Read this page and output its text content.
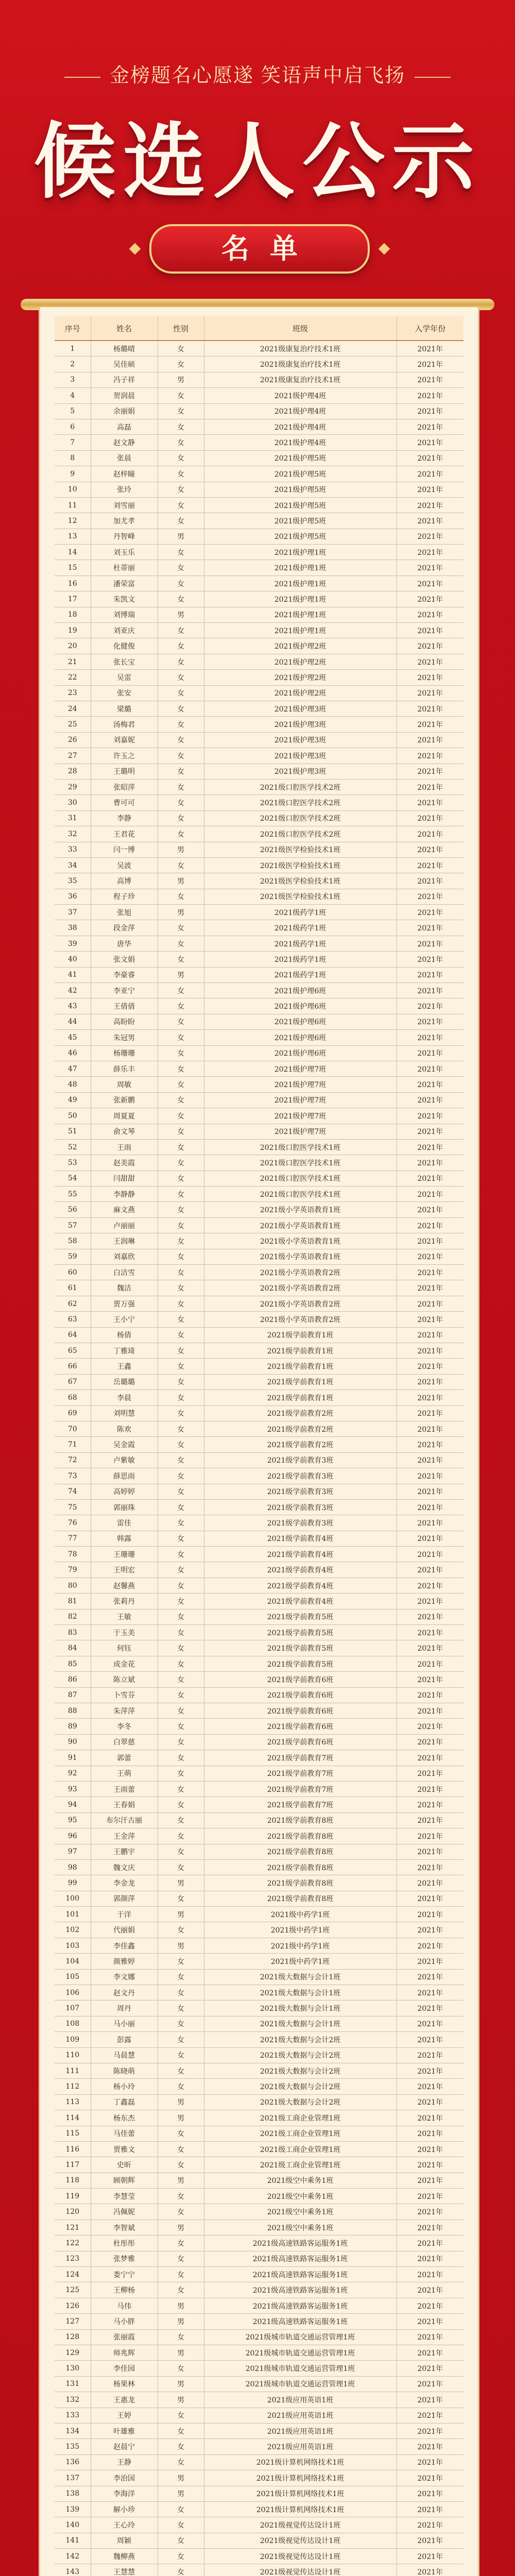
金榜题名心愿遂 笑语声中启飞扬
候选人公示
名单
序号	姓名	性别	班级	入学年份
1	杨璐晴	女	2021级康复治疗技术1班	2021年
2	吴佳硕	女	2021级康复治疗技术1班	2021年
3	冯子祥	男	2021级康复治疗技术1班	2021年
4	贺润晨	女	2021级护理4班	2021年
5	余丽娟	女	2021级护理4班	2021年
6	高磊	女	2021级护理4班	2021年
7	赵文静	女	2021级护理4班	2021年
8	张晨	女	2021级护理5班	2021年
9	赵梓瞳	女	2021级护理5班	2021年
10	张玲	女	2021级护理5班	2021年
11	刘雪丽	女	2021级护理5班	2021年
12	加尤孝	女	2021级护理5班	2021年
13	丹智峰	男	2021级护理5班	2021年
14	刘玉乐	女	2021级护理1班	2021年
15	杜蒂丽	女	2021级护理1班	2021年
16	潘荣富	女	2021级护理1班	2021年
17	朱凯文	女	2021级护理1班	2021年
18	刘博瑞	男	2021级护理1班	2021年
19	刘亚庆	女	2021级护理1班	2021年
20	化健俊	女	2021级护理2班	2021年
21	张长宝	女	2021级护理2班	2021年
22	吴雷	女	2021级护理2班	2021年
23	张安	女	2021级护理2班	2021年
24	梁璐	女	2021级护理3班	2021年
25	汤梅君	女	2021级护理3班	2021年
26	刘嘉妮	女	2021级护理3班	2021年
27	许玉之	女	2021级护理3班	2021年
28	王璐明	女	2021级护理3班	2021年
29	张昭萍	女	2021级口腔医学技术2班	2021年
30	曹可可	女	2021级口腔医学技术2班	2021年
31	李静	女	2021级口腔医学技术2班	2021年
32	王君花	女	2021级口腔医学技术2班	2021年
33	闫一博	男	2021级医学检验技术1班	2021年
34	吴波	女	2021级医学检验技术1班	2021年
35	高博	男	2021级医学检验技术1班	2021年
36	程子珍	女	2021级医学检验技术1班	2021年
37	张旭	男	2021级药学1班	2021年
38	段金萍	女	2021级药学1班	2021年
39	唐华	女	2021级药学1班	2021年
40	张文娟	女	2021级药学1班	2021年
41	李豪睿	男	2021级药学1班	2021年
42	李亚宁	女	2021级护理6班	2021年
43	王倩倩	女	2021级护理6班	2021年
44	高盼盼	女	2021级护理6班	2021年
45	朱冠男	女	2021级护理6班	2021年
46	杨珊珊	女	2021级护理6班	2021年
47	薛乐丰	女	2021级护理7班	2021年
48	周敏	女	2021级护理7班	2021年
49	张新鹏	女	2021级护理7班	2021年
50	周夏夏	女	2021级护理7班	2021年
51	俞文琴	女	2021级护理7班	2021年
52	王雨	女	2021级口腔医学技术1班	2021年
53	赵美霞	女	2021级口腔医学技术1班	2021年
54	闫甜甜	女	2021级口腔医学技术1班	2021年
55	李静静	女	2021级口腔医学技术1班	2021年
56	麻文燕	女	2021级小学英语教育1班	2021年
57	卢丽丽	女	2021级小学英语教育1班	2021年
58	王润琳	女	2021级小学英语教育1班	2021年
59	刘嘉欣	女	2021级小学英语教育1班	2021年
60	白洁雪	女	2021级小学英语教育2班	2021年
61	魏洁	女	2021级小学英语教育2班	2021年
62	贾万强	女	2021级小学英语教育2班	2021年
63	王小宁	女	2021级小学英语教育2班	2021年
64	杨倩	女	2021级学前教育1班	2021年
65	丁雅琦	女	2021级学前教育1班	2021年
66	王鑫	女	2021级学前教育1班	2021年
67	岳璐璐	女	2021级学前教育1班	2021年
68	李晨	女	2021级学前教育1班	2021年
69	刘明慧	女	2021级学前教育2班	2021年
70	陈欢	女	2021级学前教育2班	2021年
71	吴金霞	女	2021级学前教育2班	2021年
72	卢紫敏	女	2021级学前教育3班	2021年
73	薛思雨	女	2021级学前教育3班	2021年
74	高婷婷	女	2021级学前教育3班	2021年
75	郭丽珠	女	2021级学前教育3班	2021年
76	雷佳	女	2021级学前教育3班	2021年
77	韩露	女	2021级学前教育4班	2021年
78	王珊珊	女	2021级学前教育4班	2021年
79	王明宏	女	2021级学前教育4班	2021年
80	赵馨燕	女	2021级学前教育4班	2021年
81	张莉丹	女	2021级学前教育4班	2021年
82	王敏	女	2021级学前教育5班	2021年
83	于玉美	女	2021级学前教育5班	2021年
84	何钰	女	2021级学前教育5班	2021年
85	成金花	女	2021级学前教育5班	2021年
86	陈立斌	女	2021级学前教育6班	2021年
87	卜雪芬	女	2021级学前教育6班	2021年
88	朱萍萍	女	2021级学前教育6班	2021年
89	李冬	女	2021级学前教育6班	2021年
90	白翠慈	女	2021级学前教育6班	2021年
91	郭蕾	女	2021级学前教育7班	2021年
92	王萌	女	2021级学前教育7班	2021年
93	王雨蕾	女	2021级学前教育7班	2021年
94	王春娟	女	2021级学前教育7班	2021年
95	布尔汗古丽	女	2021级学前教育8班	2021年
96	王金萍	女	2021级学前教育8班	2021年
97	王鹏宇	女	2021级学前教育8班	2021年
98	魏文庆	女	2021级学前教育8班	2021年
99	李金龙	男	2021级学前教育8班	2021年
100	郭颜萍	女	2021级学前教育8班	2021年
101	于洋	男	2021级中药学1班	2021年
102	代丽娟	女	2021级中药学1班	2021年
103	李佳鑫	男	2021级中药学1班	2021年
104	颜雅婷	女	2021级中药学1班	2021年
105	李文娜	女	2021级大数据与会计1班	2021年
106	赵文丹	女	2021级大数据与会计1班	2021年
107	周丹	女	2021级大数据与会计1班	2021年
108	马小丽	女	2021级大数据与会计1班	2021年
109	彭露	女	2021级大数据与会计2班	2021年
110	马晨慧	女	2021级大数据与会计2班	2021年
111	陈晓萌	女	2021级大数据与会计2班	2021年
112	杨小玲	女	2021级大数据与会计2班	2021年
113	丁鑫磊	男	2021级大数据与会计2班	2021年
114	杨东杰	男	2021级工商企业管理1班	2021年
115	马佳蕾	女	2021级工商企业管理1班	2021年
116	贾雅文	女	2021级工商企业管理1班	2021年
117	史昕	女	2021级工商企业管理1班	2021年
118	顾朝辉	男	2021级空中乘务1班	2021年
119	李慧莹	女	2021级空中乘务1班	2021年
120	冯佩妮	女	2021级空中乘务1班	2021年
121	李智斌	男	2021级空中乘务1班	2021年
122	杜彤彤	女	2021级高速铁路客运服务1班	2021年
123	张梦雅	女	2021级高速铁路客运服务1班	2021年
124	娄宁宁	女	2021级高速铁路客运服务1班	2021年
125	王柳杨	女	2021级高速铁路客运服务1班	2021年
126	马伟	男	2021级高速铁路客运服务1班	2021年
127	马小胖	男	2021级高速铁路客运服务1班	2021年
128	张丽霞	女	2021级城市轨道交通运营管理1班	2021年
129	师兆辉	男	2021级城市轨道交通运营管理1班	2021年
130	李佳园	女	2021级城市轨道交通运营管理1班	2021年
131	杨果林	男	2021级城市轨道交通运营管理1班	2021年
132	王惠龙	男	2021级应用英语1班	2021年
133	王婷	女	2021级应用英语1班	2021年
134	叶雄雅	女	2021级应用英语1班	2021年
135	赵晨宁	女	2021级应用英语1班	2021年
136	王静	女	2021级计算机网络技术1班	2021年
137	李治国	男	2021级计算机网络技术1班	2021年
138	李海洋	男	2021级计算机网络技术1班	2021年
139	解小珍	女	2021级计算机网络技术1班	2021年
140	王心玲	女	2021级视觉传达设计1班	2021年
141	周颖	女	2021级视觉传达设计1班	2021年
142	魏柳燕	女	2021级视觉传达设计1班	2021年
143	王慧慧	女	2021级视觉传达设计1班	2021年
